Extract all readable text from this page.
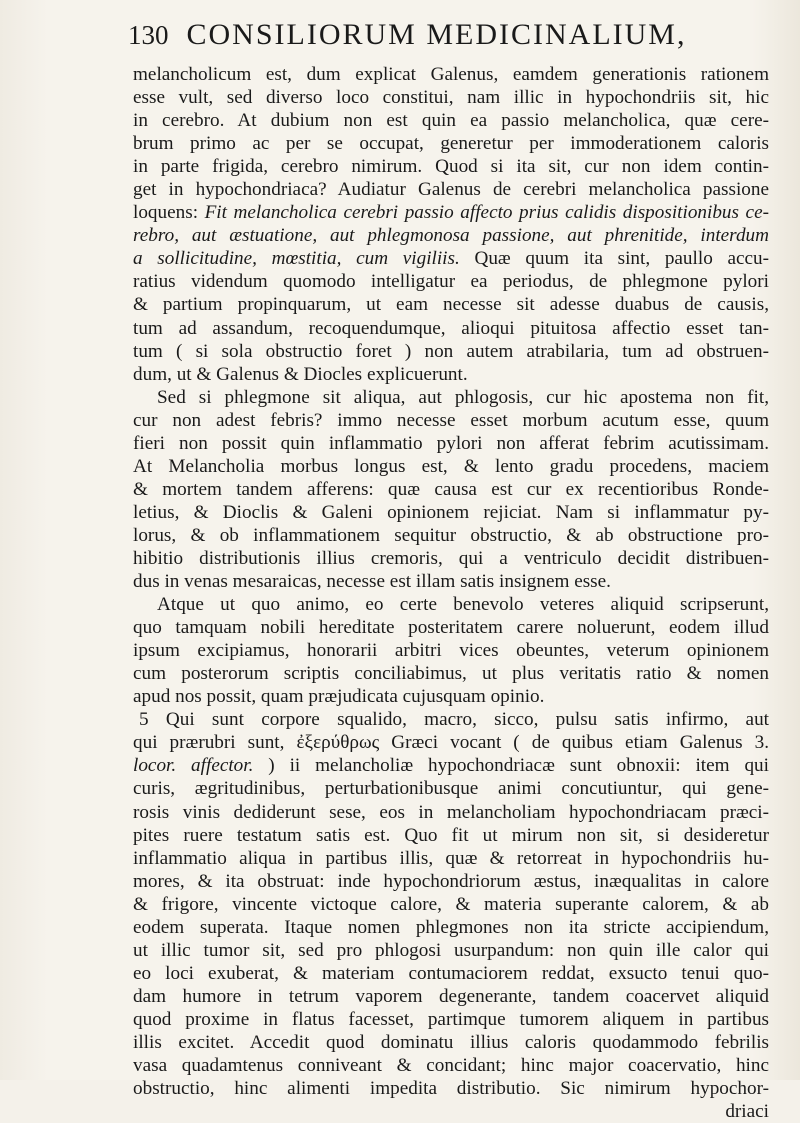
130 CONSILIORUM MEDICINALIUM,
melancholicum est, dum explicat Galenus, eamdem generationis rationem
esse vult, sed diverso loco constitui, nam illic in hypochondriis sit, hic
in cerebro. At dubium non est quin ea passio melancholica, quæ cere-
brum primo ac per se occupat, generetur per immoderationem caloris
in parte frigida, cerebro nimirum. Quod si ita sit, cur non idem contin-
get in hypochondriaca? Audiatur Galenus de cerebri melancholica passione
loquens: Fit melancholica cerebri passio affecto prius calidis dispositionibus ce-
rebro, aut æstuatione, aut phlegmonosa passione, aut phrenitide, interdum
a sollicitudine, mœstitia, cum vigiliis. Quæ quum ita sint, paullo accu-
ratius videndum quomodo intelligatur ea periodus, de phlegmone pylori
& partium propinquarum, ut eam necesse sit adesse duabus de causis,
tum ad assandum, recoquendumque, alioqui pituitosa affectio esset tan-
tum ( si sola obstructio foret ) non autem atrabilaria, tum ad obstruen-
dum, ut & Galenus & Diocles explicuerunt.
Sed si phlegmone sit aliqua, aut phlogosis, cur hic apostema non fit,
cur non adest febris? immo necesse esset morbum acutum esse, quum
fieri non possit quin inflammatio pylori non afferat febrim acutissimam.
At Melancholia morbus longus est, & lento gradu procedens, maciem
& mortem tandem afferens: quæ causa est cur ex recentioribus Ronde-
letius, & Dioclis & Galeni opinionem rejiciat. Nam si inflammatur py-
lorus, & ob inflammationem sequitur obstructio, & ab obstructione pro-
hibitio distributionis illius cremoris, qui a ventriculo decidit distribuen-
dus in venas mesaraicas, necesse est illam satis insignem esse.
Atque ut quo animo, eo certe benevolo veteres aliquid scripserunt,
quo tamquam nobili hereditate posteritatem carere noluerunt, eodem illud
ipsum excipiamus, honorarii arbitri vices obeuntes, veterum opinionem
cum posterorum scriptis conciliabimus, ut plus veritatis ratio & nomen
apud nos possit, quam præjudicata cujusquam opinio.
5 Qui sunt corpore squalido, macro, sicco, pulsu satis infirmo, aut
qui prærubri sunt, ἐξερύθρως Græci vocant ( de quibus etiam Galenus 3.
locor. affector. ) ii melancholiæ hypochondriacæ sunt obnoxii: item qui
curis, ægritudinibus, perturbationibusque animi concutiuntur, qui gene-
rosis vinis dediderunt sese, eos in melancholiam hypochondriacam præci-
pites ruere testatum satis est. Quo fit ut mirum non sit, si desideretur
inflammatio aliqua in partibus illis, quæ & retorreat in hypochondriis hu-
mores, & ita obstruat: inde hypochondriorum æstus, inæqualitas in calore
& frigore, vincente victoque calore, & materia superante calorem, & ab
eodem superata. Itaque nomen phlegmones non ita stricte accipiendum,
ut illic tumor sit, sed pro phlogosi usurpandum: non quin ille calor qui
eo loci exuberat, & materiam contumaciorem reddat, exsucto tenui quo-
dam humore in tetrum vaporem degenerante, tandem coacervet aliquid
quod proxime in flatus facesset, partimque tumorem aliquem in partibus
illis excitet. Accedit quod dominatu illius caloris quodammodo febrilis
vasa quadamtenus conniveant & concidant; hinc major coacervatio, hinc
obstructio, hinc alimenti impedita distributio. Sic nimirum hypochor-
driaci
